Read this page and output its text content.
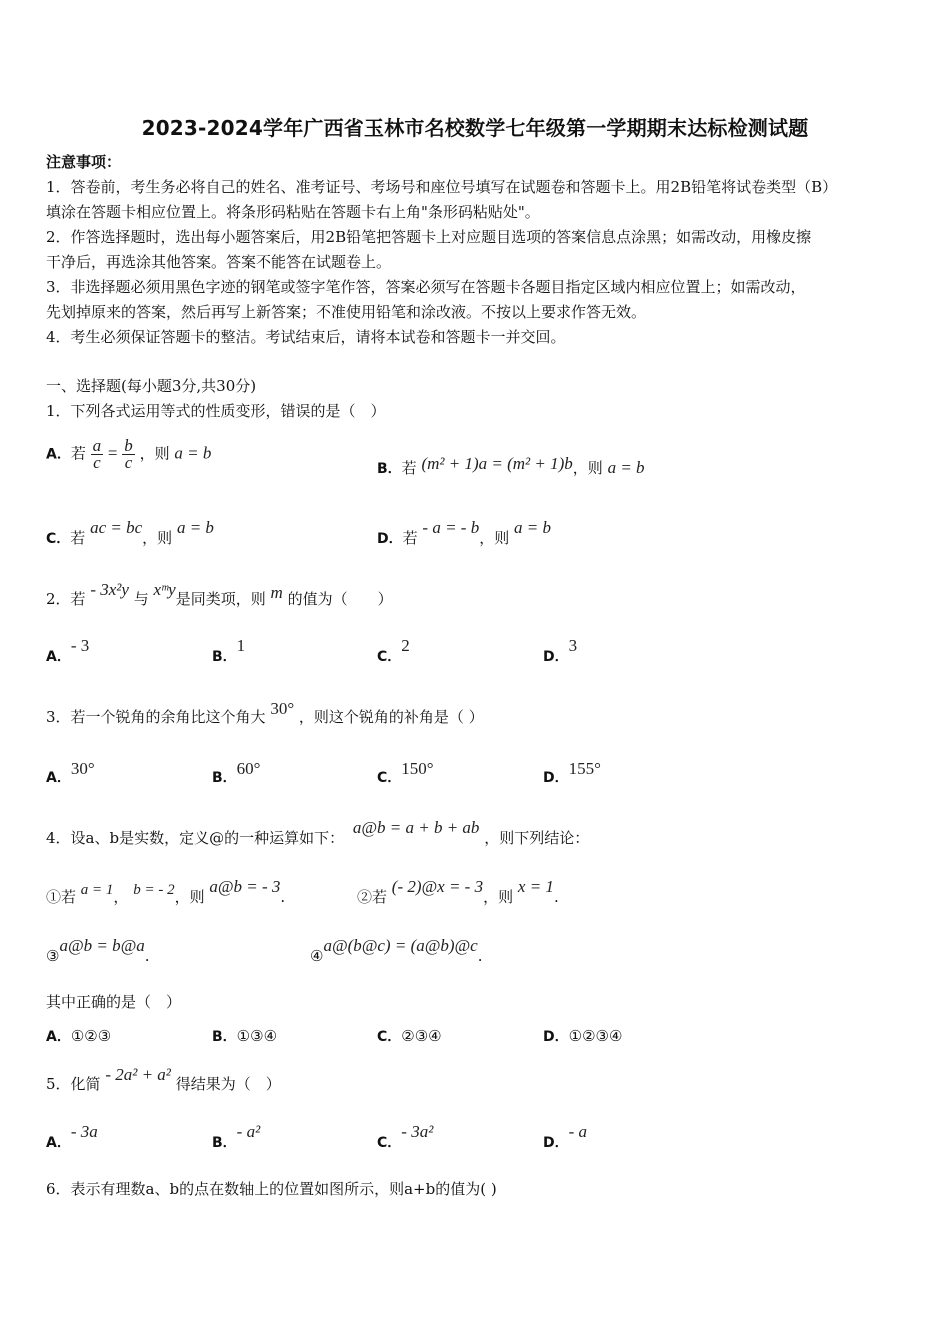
2023-2024学年广西省玉林市名校数学七年级第一学期期末达标检测试题
注意事项：
1．答卷前，考生务必将自己的姓名、准考证号、考场号和座位号填写在试题卷和答题卡上。用2B铅笔将试卷类型（B）
填涂在答题卡相应位置上。将条形码粘贴在答题卡右上角"条形码粘贴处"。
2．作答选择题时，选出每小题答案后，用2B铅笔把答题卡上对应题目选项的答案信息点涂黑；如需改动，用橡皮擦
干净后，再选涂其他答案。答案不能答在试题卷上。
3．非选择题必须用黑色字迹的钢笔或签字笔作答，答案必须写在答题卡各题目指定区域内相应位置上；如需改动，
先划掉原来的答案，然后再写上新答案；不准使用铅笔和涂改液。不按以上要求作答无效。
4．考生必须保证答题卡的整洁。考试结束后，请将本试卷和答题卡一并交回。
一、选择题(每小题3分,共30分)
1．下列各式运用等式的性质变形，错误的是（　）
A．若 $\frac{a}{c} = \frac{b}{c}$ ，则 a = b
B．若 (m² + 1)a = (m² + 1)b，则 a = b
C．若 ac = bc，则 a = b
D．若 - a = - b，则 a = b
2．若 - 3x²y 与 xᵐy是同类项，则 m 的值为（　　）
A．- 3
B．1
C．2
D．3
3．若一个锐角的余角比这个角大 30° ，则这个锐角的补角是（ ）
A．30°	B．60°	C．150°	D．155°
4．设a、b是实数，定义@的一种运算如下： a@b = a + b + ab ，则下列结论：
①若 a = 1， b = - 2，则 a@b = - 3.	②若 (- 2)@x = - 3，则 x = 1.
③a@b = b@a.	④a@(b@c) = (a@b)@c.
其中正确的是（　）
A．①②③	B．①③④	C．②③④	D．①②③④
5．化简 - 2a² + a² 得结果为（　）
A．- 3a
B．- a²
C．- 3a²
D．- a
6．表示有理数a、b的点在数轴上的位置如图所示，则a+b的值为( )
